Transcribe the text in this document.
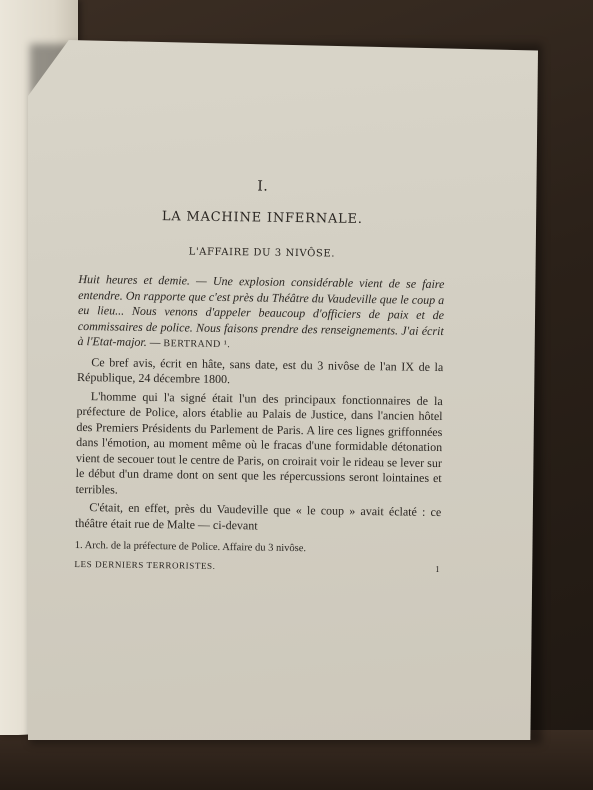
I.
LA MACHINE INFERNALE.
L'AFFAIRE DU 3 NIVÔSE.

Huit heures et demie. — Une explosion considérable vient de se faire entendre. On rapporte que c'est près du Théâtre du Vaudeville que le coup a eu lieu... Nous venons d'appeler beaucoup d'officiers de paix et de commissaires de police. Nous faisons prendre des renseignements. J'ai écrit à l'Etat-major. — BERTRAND ¹.

Ce bref avis, écrit en hâte, sans date, est du 3 nivôse de l'an IX de la République, 24 décembre 1800.

L'homme qui l'a signé était l'un des principaux fonctionnaires de la préfecture de Police, alors établie au Palais de Justice, dans l'ancien hôtel des Premiers Présidents du Parlement de Paris. A lire ces lignes griffonnées dans l'émotion, au moment même où le fracas d'une formidable détonation vient de secouer tout le centre de Paris, on croirait voir le rideau se lever sur le début d'un drame dont on sent que les répercussions seront lointaines et terribles.

C'était, en effet, près du Vaudeville que « le coup » avait éclaté : ce théâtre était rue de Malte — ci-devant

1. Arch. de la préfecture de Police. Affaire du 3 nivôse.
LES DERNIERS TERRORISTES.	1
